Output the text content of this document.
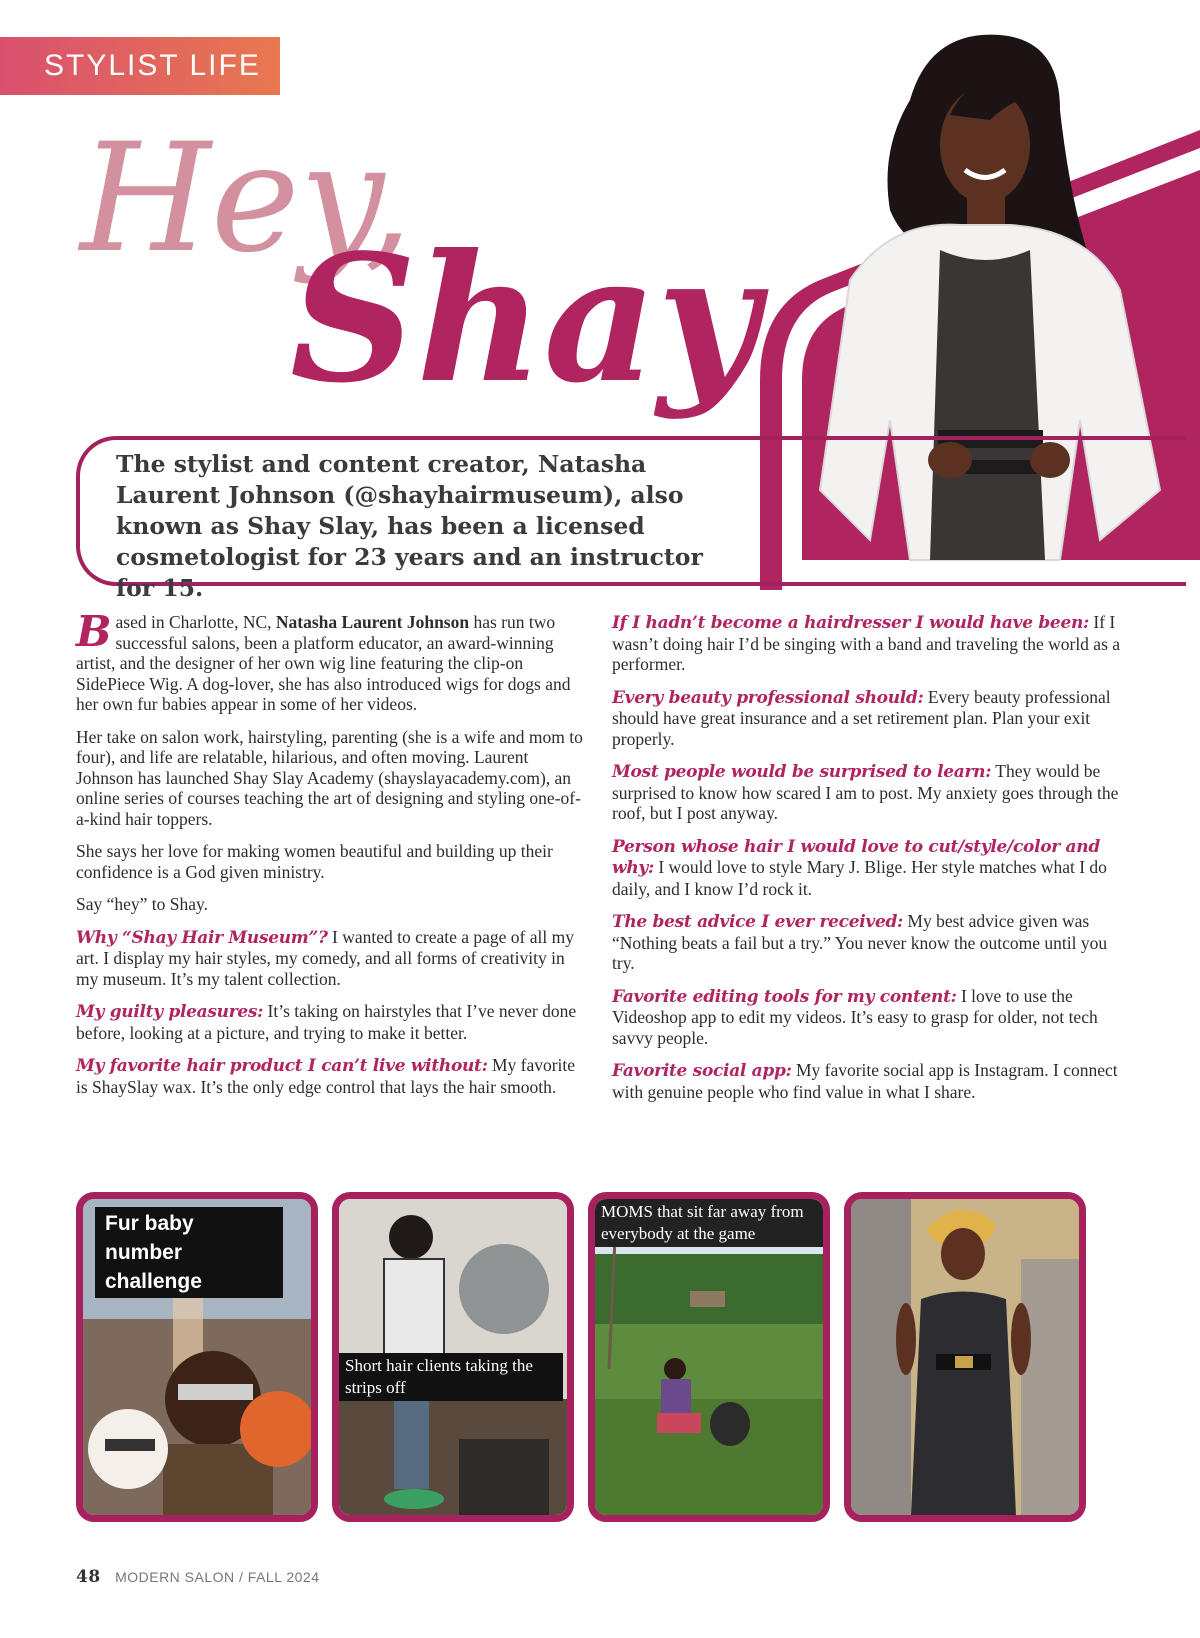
STYLIST LIFE
Hey,
Shay

The stylist and content creator, Natasha Laurent Johnson (@shayhairmuseum), also known as Shay Slay, has been a licensed cosmetologist for 23 years and an instructor for 15.

Based in Charlotte, NC, Natasha Laurent Johnson has run two successful salons, been a platform educator, an award-winning artist, and the designer of her own wig line featuring the clip-on SidePiece Wig. A dog-lover, she has also introduced wigs for dogs and her own fur babies appear in some of her videos.

Her take on salon work, hairstyling, parenting (she is a wife and mom to four), and life are relatable, hilarious, and often moving. Laurent Johnson has launched Shay Slay Academy (shayslayacademy.com), an online series of courses teaching the art of designing and styling one-of-a-kind hair toppers.

She says her love for making women beautiful and building up their confidence is a God given ministry.

Say “hey” to Shay.

Why “Shay Hair Museum”? I wanted to create a page of all my art. I display my hair styles, my comedy, and all forms of creativity in my museum. It’s my talent collection.

My guilty pleasures: It’s taking on hairstyles that I’ve never done before, looking at a picture, and trying to make it better.

My favorite hair product I can’t live without: My favorite is ShaySlay wax. It’s the only edge control that lays the hair smooth.

If I hadn’t become a hairdresser I would have been: If I wasn’t doing hair I’d be singing with a band and traveling the world as a performer.

Every beauty professional should: Every beauty professional should have great insurance and a set retirement plan. Plan your exit properly.

Most people would be surprised to learn: They would be surprised to know how scared I am to post. My anxiety goes through the roof, but I post anyway.

Person whose hair I would love to cut/style/color and why: I would love to style Mary J. Blige. Her style matches what I do daily, and I know I’d rock it.

The best advice I ever received: My best advice given was “Nothing beats a fail but a try.” You never know the outcome until you try.

Favorite editing tools for my content: I love to use the Videoshop app to edit my videos. It’s easy to grasp for older, not tech savvy people.

Favorite social app: My favorite social app is Instagram. I connect with genuine people who find value in what I share.

Fur baby number challenge
Short hair clients taking the strips off
MOMS that sit far away from everybody at the game
48 MODERN SALON / FALL 2024
